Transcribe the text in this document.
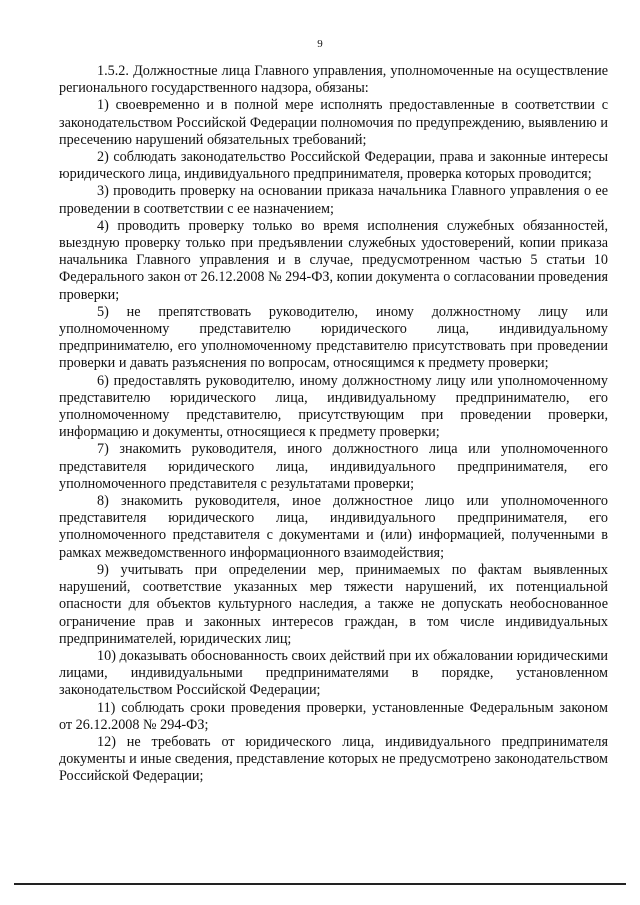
9

1.5.2. Должностные лица Главного управления, уполномоченные на осуществление регионального государственного надзора, обязаны:

1) своевременно и в полной мере исполнять предоставленные в соответствии с законодательством Российской Федерации полномочия по предупреждению, выявлению и пресечению нарушений обязательных требований;

2) соблюдать законодательство Российской Федерации, права и законные интересы юридического лица, индивидуального предпринимателя, проверка которых проводится;

3) проводить проверку на основании приказа начальника Главного управления о ее проведении в соответствии с ее назначением;

4) проводить проверку только во время исполнения служебных обязанностей, выездную проверку только при предъявлении служебных удостоверений, копии приказа начальника Главного управления и в случае, предусмотренном частью 5 статьи 10 Федерального закон от 26.12.2008 № 294-ФЗ, копии документа о согласовании проведения проверки;

5) не препятствовать руководителю, иному должностному лицу или уполномоченному представителю юридического лица, индивидуальному предпринимателю, его уполномоченному представителю присутствовать при проведении проверки и давать разъяснения по вопросам, относящимся к предмету проверки;

6) предоставлять руководителю, иному должностному лицу или уполномоченному представителю юридического лица, индивидуальному предпринимателю, его уполномоченному представителю, присутствующим при проведении проверки, информацию и документы, относящиеся к предмету проверки;

7) знакомить руководителя, иного должностного лица или уполномоченного представителя юридического лица, индивидуального предпринимателя, его уполномоченного представителя с результатами проверки;

8) знакомить руководителя, иное должностное лицо или уполномоченного представителя юридического лица, индивидуального предпринимателя, его уполномоченного представителя с документами и (или) информацией, полученными в рамках межведомственного информационного взаимодействия;

9) учитывать при определении мер, принимаемых по фактам выявленных нарушений, соответствие указанных мер тяжести нарушений, их потенциальной опасности для объектов культурного наследия, а также не допускать необоснованное ограничение прав и законных интересов граждан, в том числе индивидуальных предпринимателей, юридических лиц;

10) доказывать обоснованность своих действий при их обжаловании юридическими лицами, индивидуальными предпринимателями в порядке, установленном законодательством Российской Федерации;

11) соблюдать сроки проведения проверки, установленные Федеральным законом от 26.12.2008 № 294-ФЗ;

12) не требовать от юридического лица, индивидуального предпринимателя документы и иные сведения, представление которых не предусмотрено законодательством Российской Федерации;
